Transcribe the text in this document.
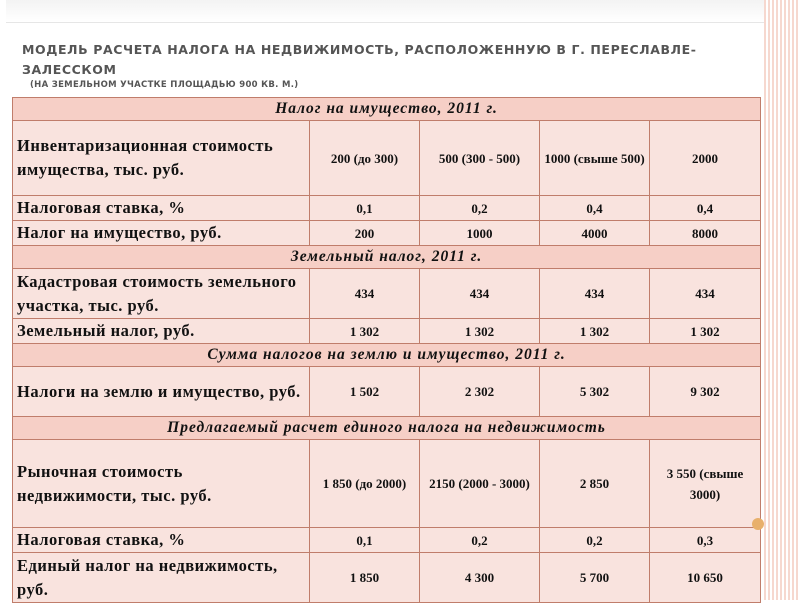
МОДЕЛЬ РАСЧЕТА НАЛОГА НА НЕДВИЖИМОСТЬ, РАСПОЛОЖЕННУЮ В Г. ПЕРЕСЛАВЛЕ-ЗАЛЕССКОМ
(НА ЗЕМЕЛЬНОМ УЧАСТКЕ ПЛОЩАДЬЮ 900 КВ. М.)
Налог на имущество, 2011 г.				
Инвентаризационная стоимость имущества, тыс. руб.	200 (до 300)	500 (300 - 500)	1000 (свыше 500)	2000
Налоговая ставка, %	0,1	0,2	0,4	0,4
Налог на имущество, руб.	200	1000	4000	8000
Земельный налог, 2011 г.				
Кадастровая стоимость земельного участка, тыс. руб.	434	434	434	434
Земельный налог, руб.	1 302	1 302	1 302	1 302
Сумма налогов на землю и имущество, 2011 г.				
Налоги на землю и имущество, руб.	1 502	2 302	5 302	9 302
Предлагаемый расчет единого налога на недвижимость				
Рыночная стоимость недвижимости, тыс. руб.	1 850 (до 2000)	2150 (2000 - 3000)	2 850	3 550 (свыше 3000)
Налоговая ставка, %	0,1	0,2	0,2	0,3
Единый налог на недвижимость, руб.	1 850	4 300	5 700	10 650
